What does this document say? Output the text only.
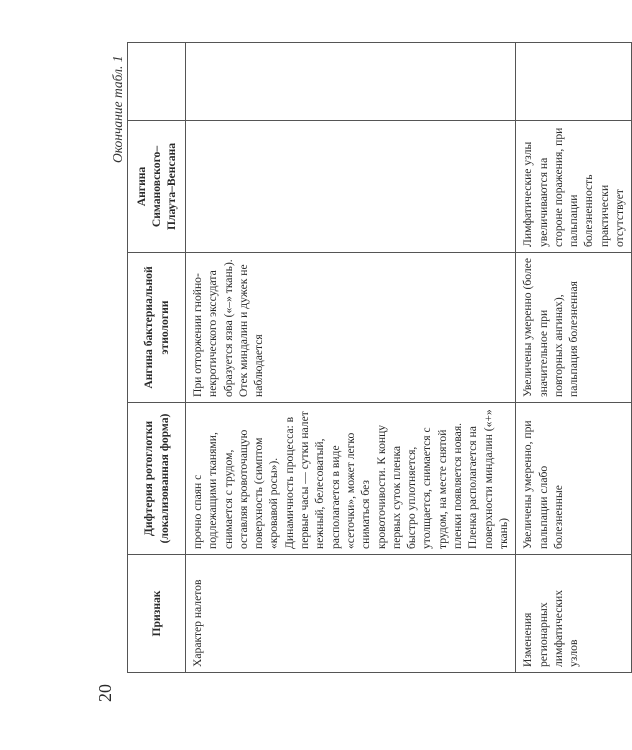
20
Окончание табл. 1
Признак	Дифтерия ротоглотки (локализованная форма)	Ангина бактериальной этиологии	Ангина Симановского–Плаута–Венсана	
Характер налетов	прочно спаян с подлежащими тканями, снимается с трудом, оставляя кровоточащую поверхность (симптом «кровавой росы»). Динамичность процесса: в первые часы — сутки налет нежный, белесоватый, располагается в виде «сеточки», может легко сниматься без кровоточивости. К концу первых суток пленка быстро уплотняется, утолщается, снимается с трудом, на месте снятой пленки появляется новая. Пленка располагается на поверхности миндалин («+» ткань)	При отторжении гнойно-некротического экссудата образуется язва («–» ткань). Отек миндалин и дужек не наблюдается		
Изменения регионарных лимфатических узлов	Увеличены умеренно, при пальпации слабо болезненные	Увеличены умеренно (более значительное при повторных ангинах), пальпация болезненная	Лимфатические узлы увеличиваются на стороне поражения, при пальпации болезненность практически отсутствует	
